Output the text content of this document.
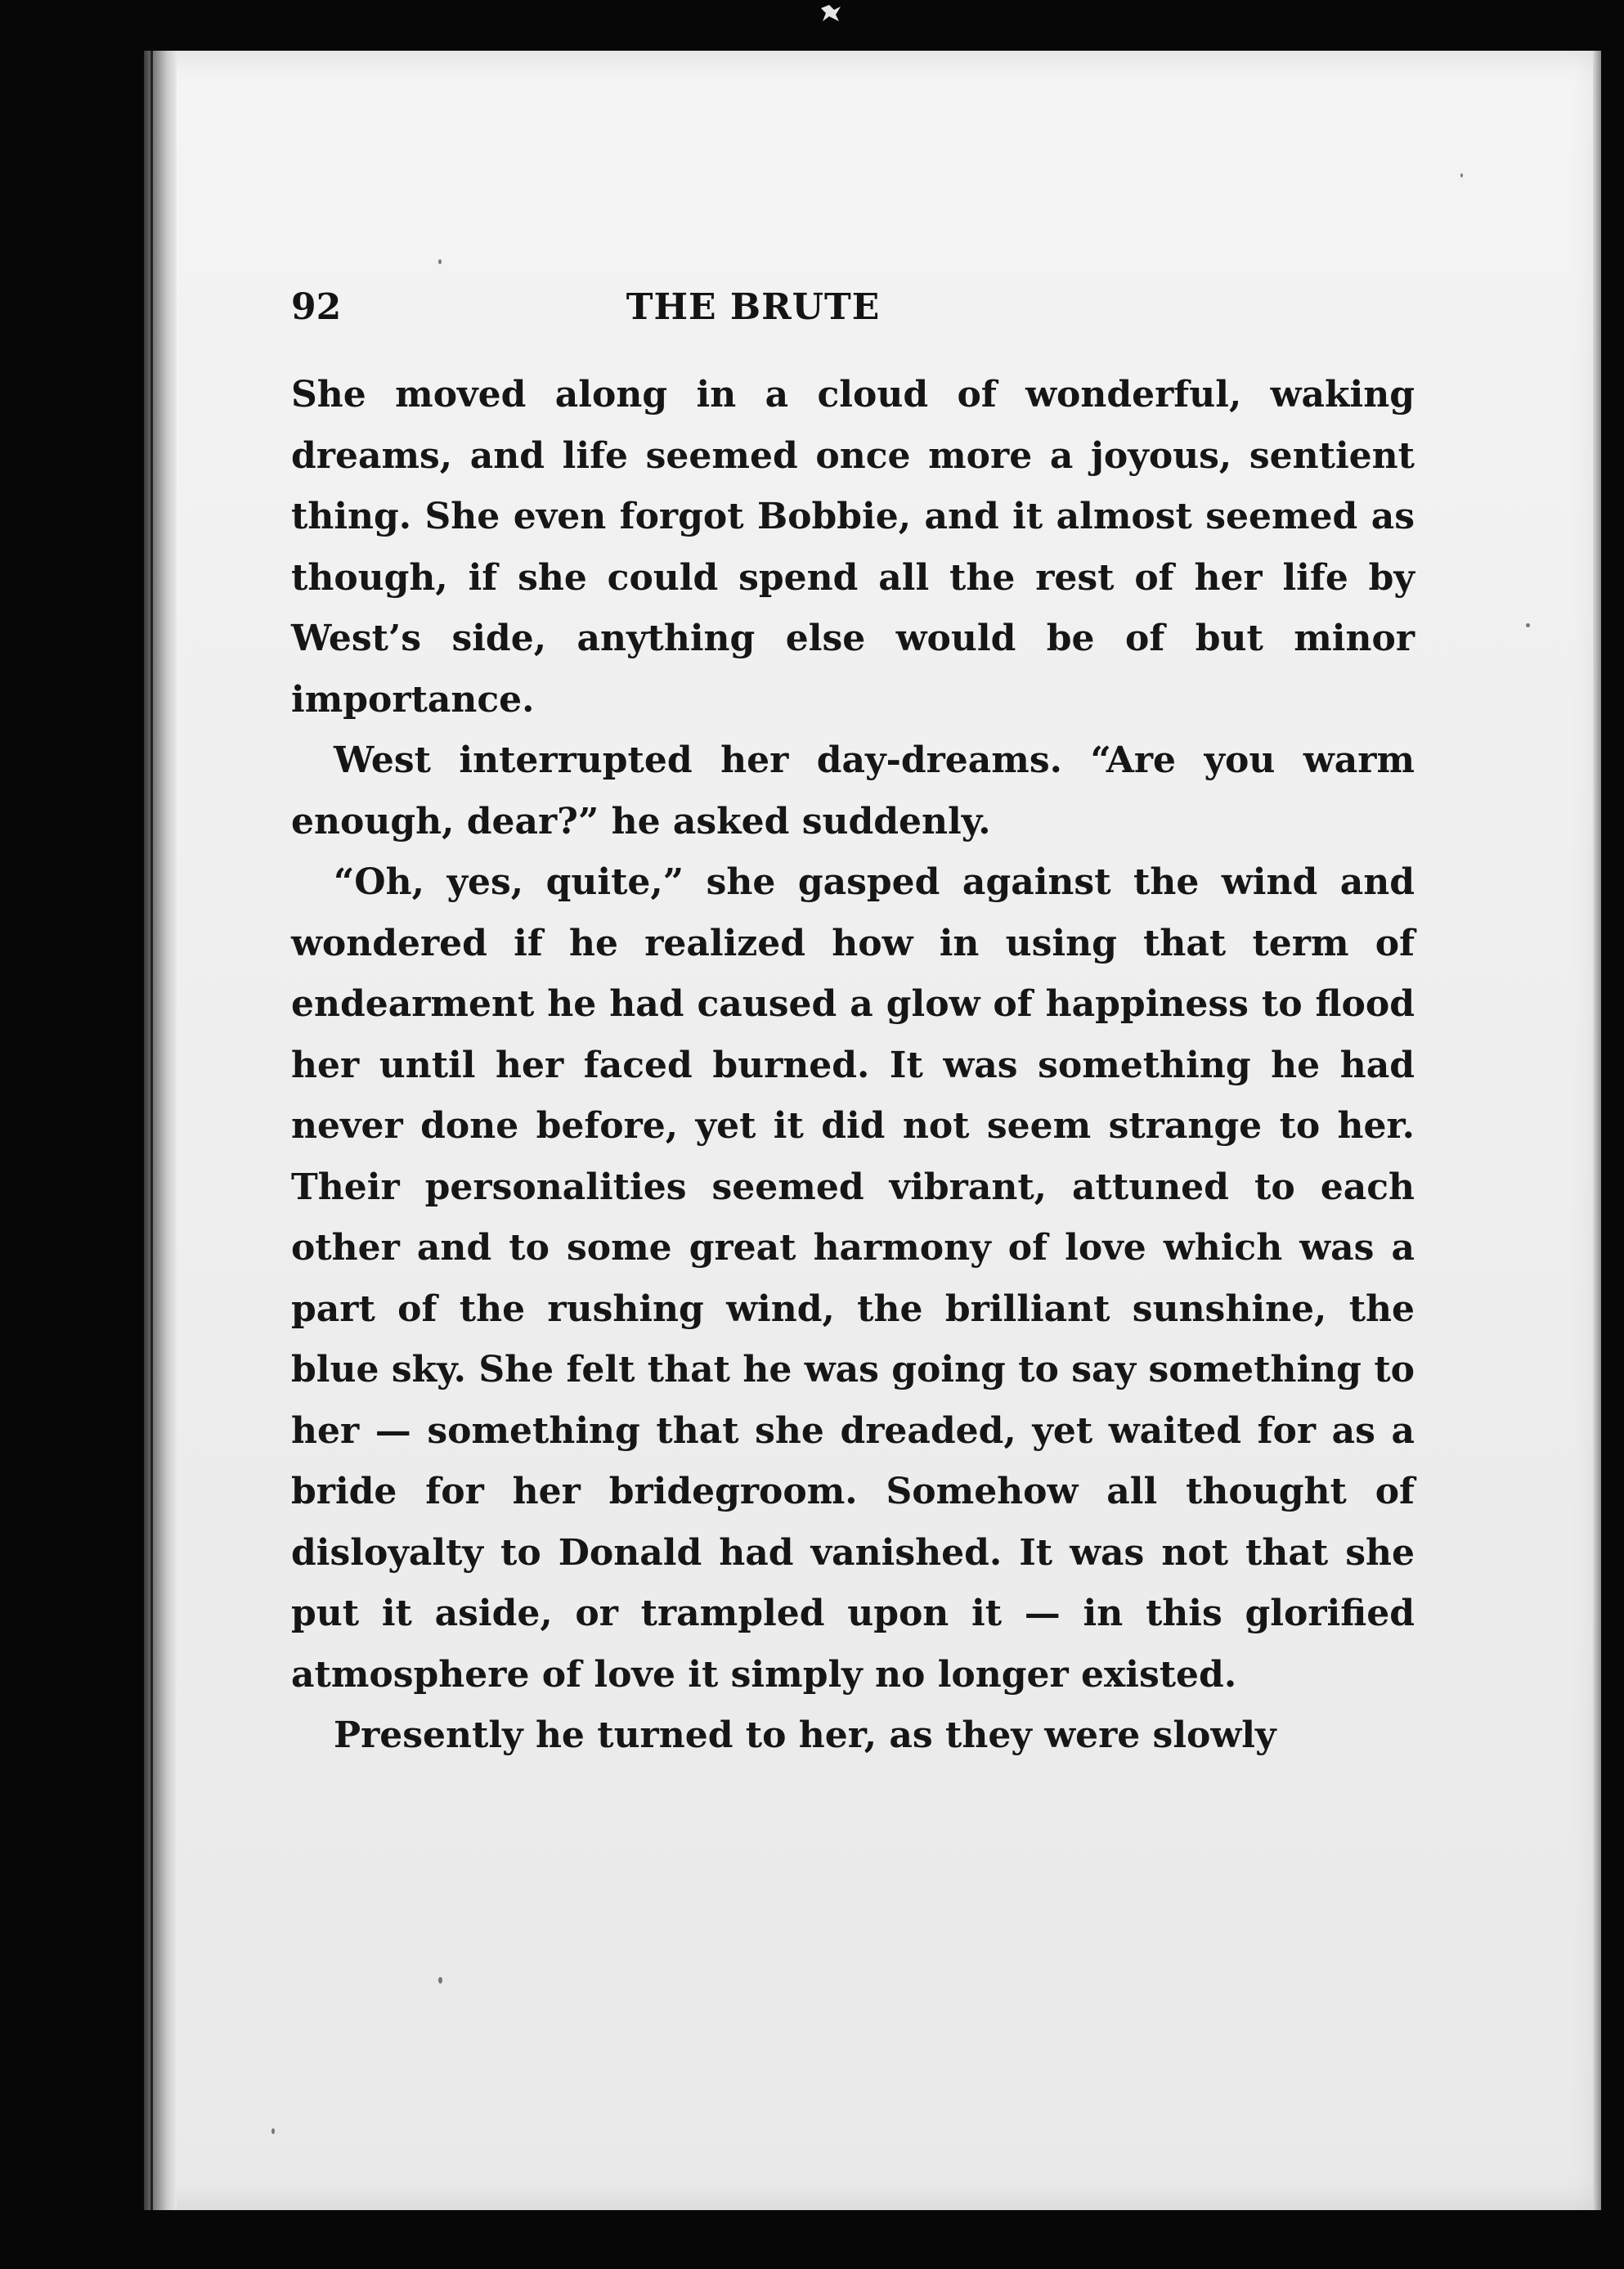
92	THE BRUTE

She moved along in a cloud of wonderful, waking dreams, and life seemed once more a joyous, sentient thing. She even forgot Bobbie, and it almost seemed as though, if she could spend all the rest of her life by West’s side, anything else would be of but minor importance.

West interrupted her day-dreams. “Are you warm enough, dear?” he asked suddenly.

“Oh, yes, quite,” she gasped against the wind and wondered if he realized how in using that term of endearment he had caused a glow of happiness to flood her until her faced burned. It was something he had never done before, yet it did not seem strange to her. Their personalities seemed vibrant, attuned to each other and to some great harmony of love which was a part of the rushing wind, the brilliant sunshine, the blue sky. She felt that he was going to say something to her — something that she dreaded, yet waited for as a bride for her bridegroom. Somehow all thought of disloyalty to Donald had vanished. It was not that she put it aside, or trampled upon it — in this glorified atmosphere of love it simply no longer existed.

Presently he turned to her, as they were slowly
